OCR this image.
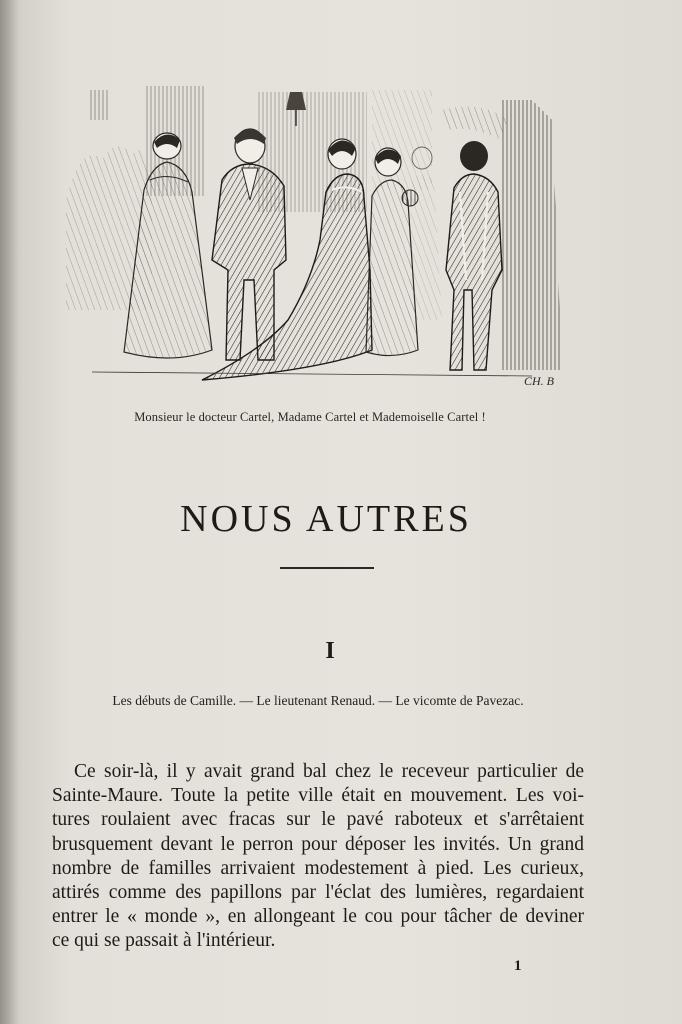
CH. B
Monsieur le docteur Cartel, Madame Cartel et Mademoiselle Cartel !
NOUS AUTRES
I
Les débuts de Camille. — Le lieutenant Renaud. — Le vicomte de Pavezac.
Ce soir-là, il y avait grand bal chez le receveur particulier de
Sainte-Maure. Toute la petite ville était en mouvement. Les voi-
tures roulaient avec fracas sur le pavé raboteux et s'arrêtaient
brusquement devant le perron pour déposer les invités. Un grand
nombre de familles arrivaient modestement à pied. Les curieux,
attirés comme des papillons par l'éclat des lumières, regardaient
entrer le « monde », en allongeant le cou pour tâcher de deviner
ce qui se passait à l'intérieur.
1
